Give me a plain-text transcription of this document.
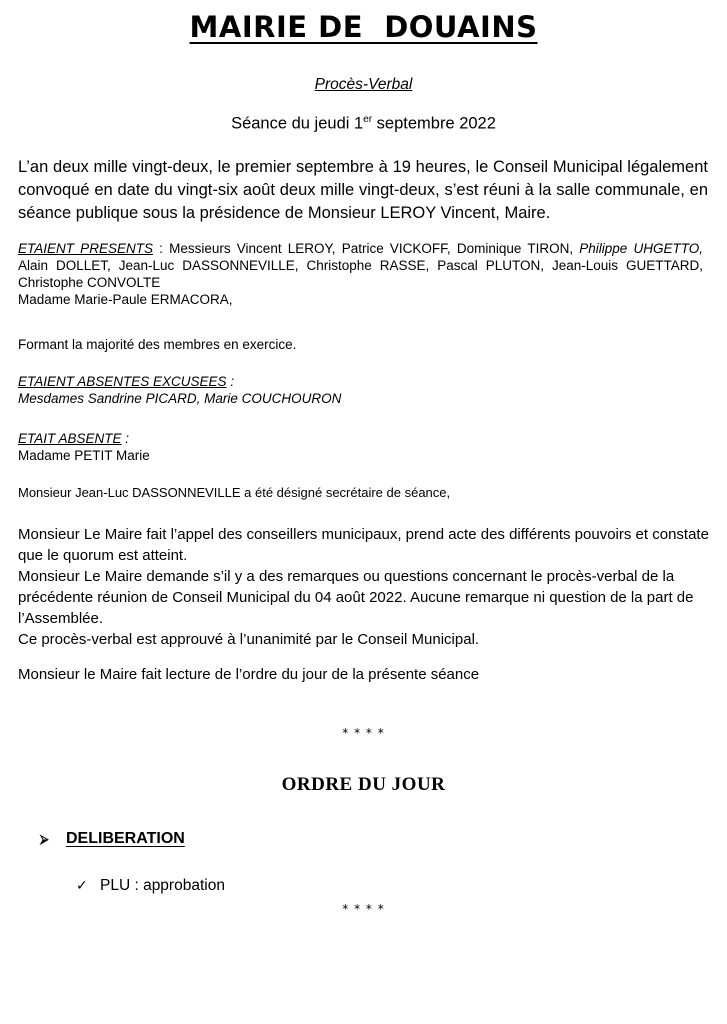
MAIRIE DE  DOUAINS
Procès-Verbal
Séance du jeudi 1er septembre 2022
L’an deux mille vingt-deux, le premier septembre à 19 heures, le Conseil Municipal légalement convoqué en date du vingt-six août deux mille vingt-deux, s’est réuni à la salle communale, en séance publique sous la présidence de Monsieur LEROY Vincent, Maire.
ETAIENT PRESENTS : Messieurs Vincent LEROY, Patrice VICKOFF, Dominique TIRON, Philippe UHGETTO, Alain DOLLET, Jean-Luc DASSONNEVILLE, Christophe RASSE, Pascal PLUTON, Jean-Louis GUETTARD, Christophe CONVOLTE
Madame Marie-Paule ERMACORA,
Formant la majorité des membres en exercice.
ETAIENT ABSENTES EXCUSEES :
Mesdames Sandrine PICARD, Marie COUCHOURON
ETAIT ABSENTE :
Madame PETIT Marie
Monsieur Jean-Luc DASSONNEVILLE a été désigné secrétaire de séance,
Monsieur Le Maire fait l’appel des conseillers municipaux, prend acte des différents pouvoirs et constate que le quorum est atteint.
Monsieur Le Maire demande s’il y a des remarques ou questions concernant le procès-verbal de la précédente réunion de Conseil Municipal du 04 août 2022. Aucune remarque ni question de la part de l’Assemblée.
Ce procès-verbal est approuvé à l’unanimité par le Conseil Municipal.
Monsieur le Maire fait lecture de l’ordre du jour de la présente séance
* * * *
ORDRE DU JOUR
⮚ DELIBERATION
✓ PLU : approbation
* * * *
